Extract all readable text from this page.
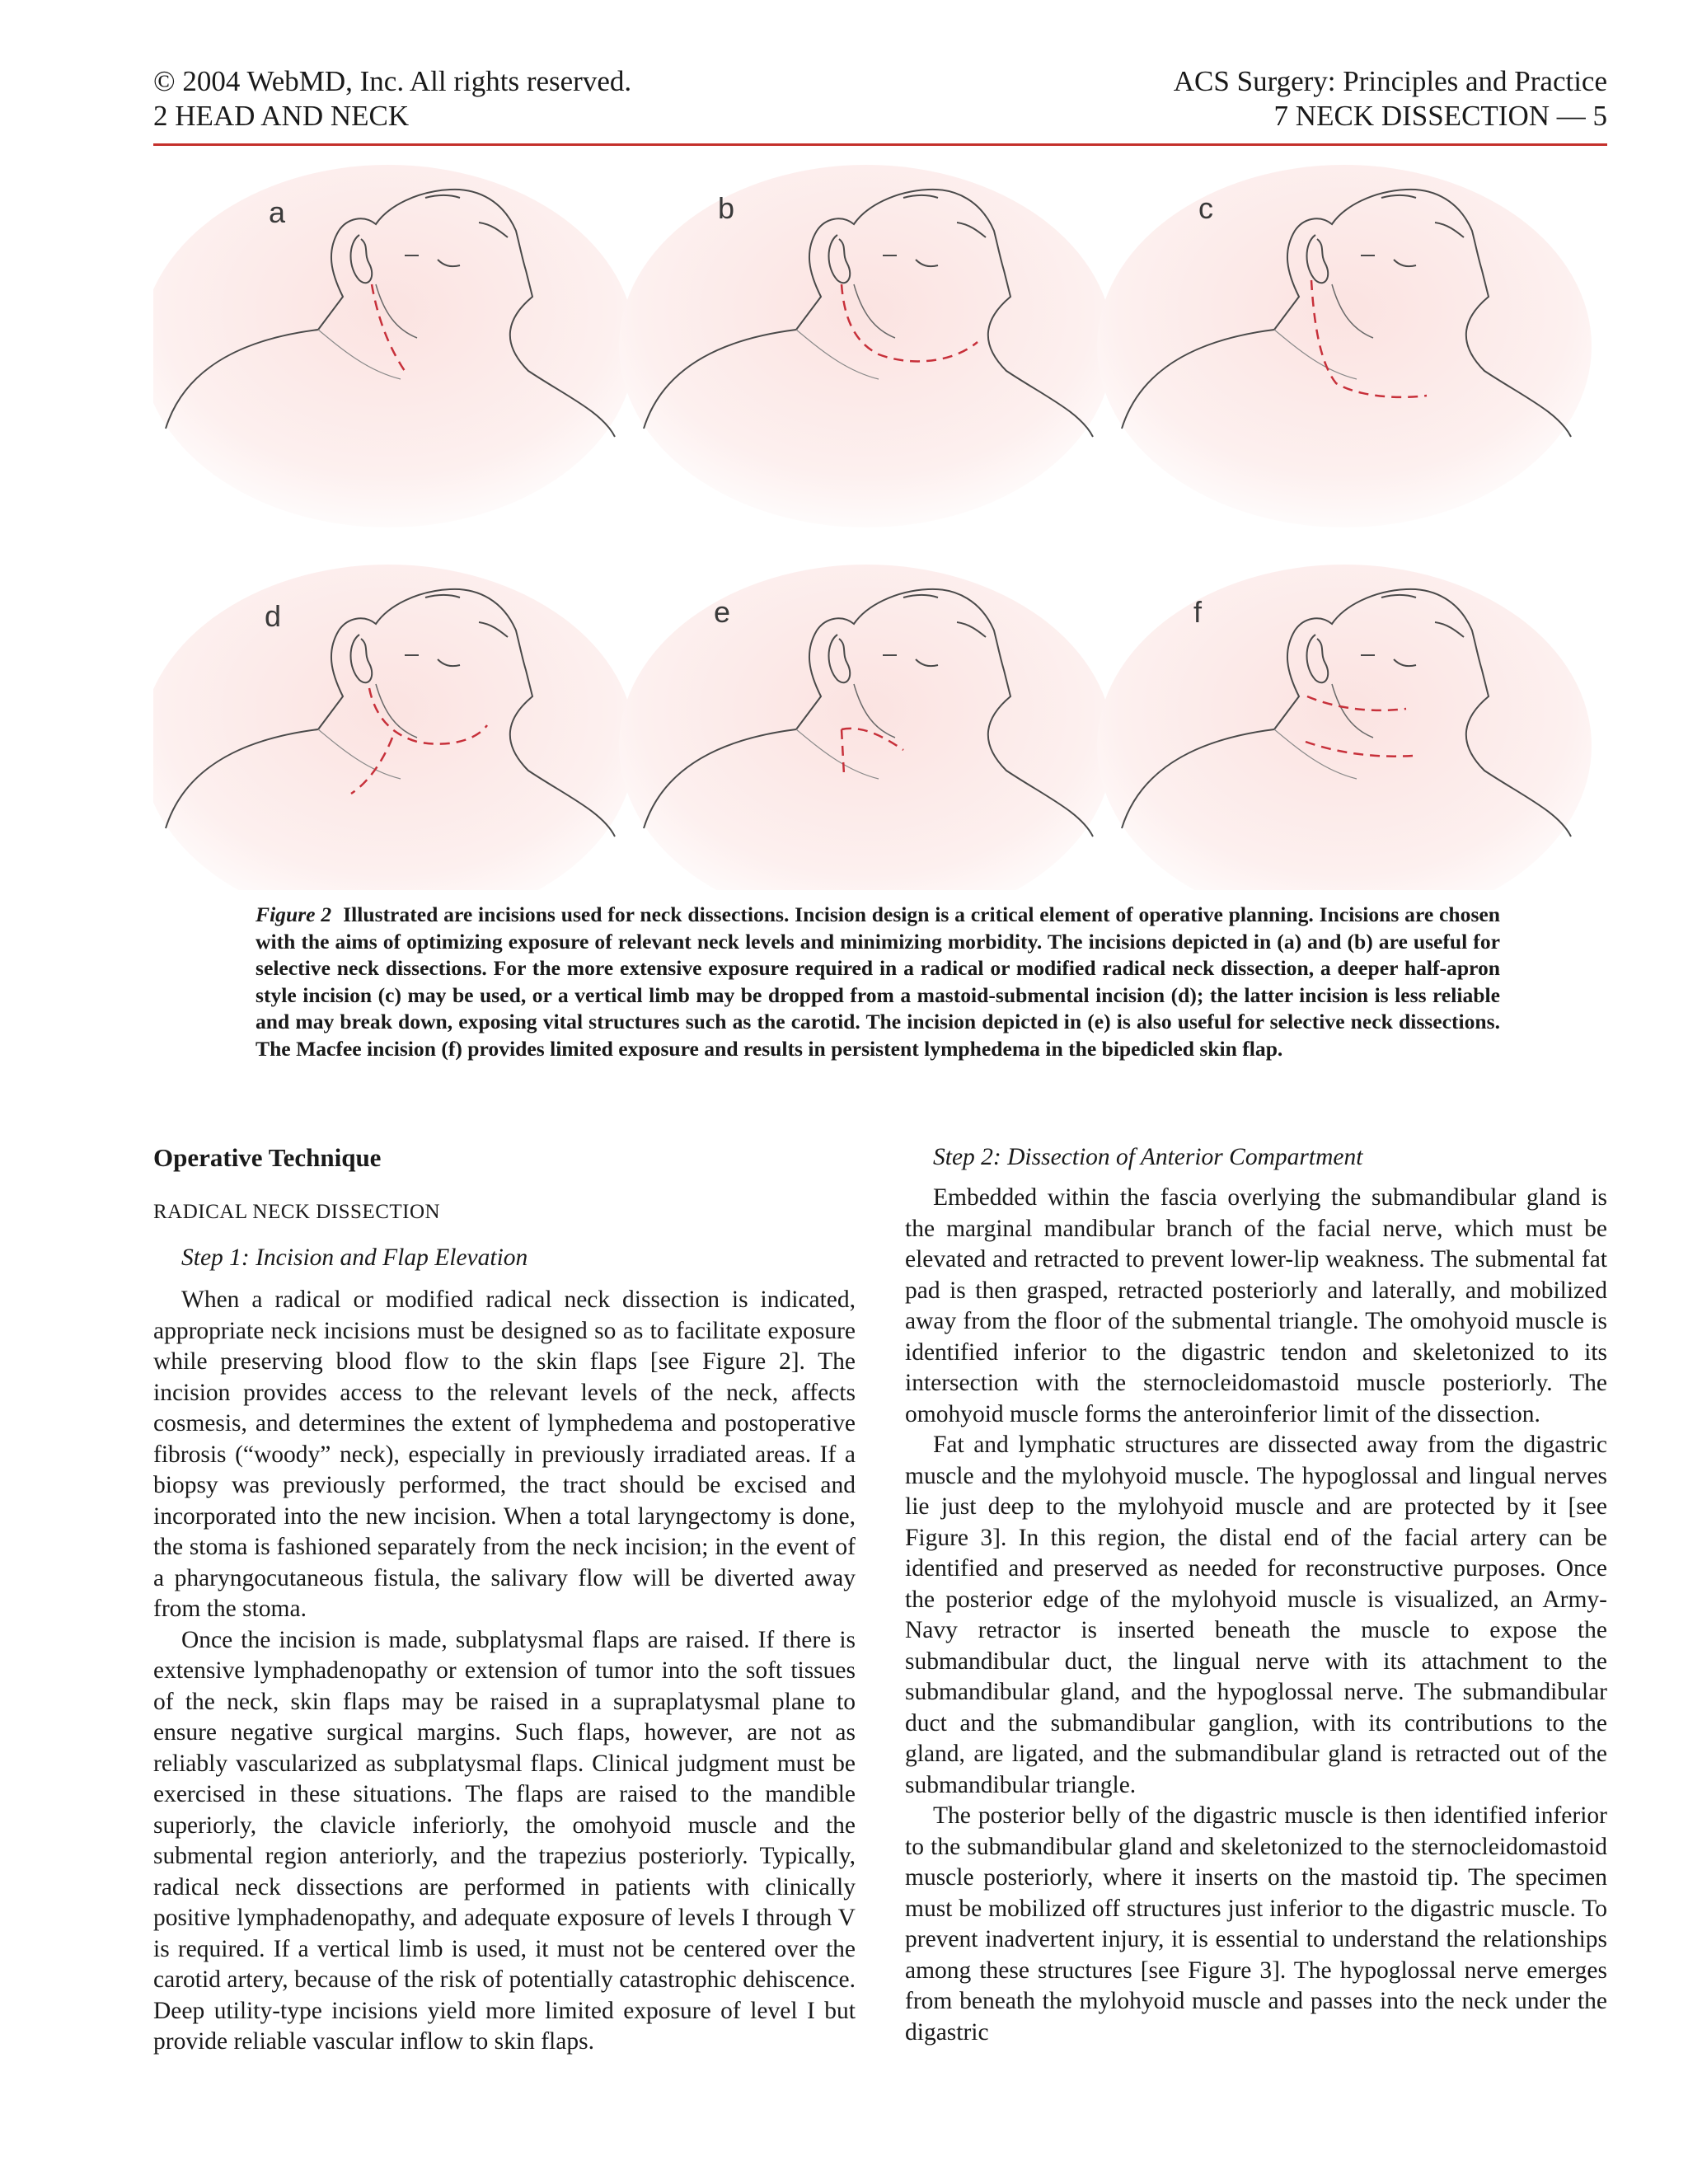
© 2004 WebMD, Inc. All rights reserved.
2 HEAD AND NECK
ACS Surgery: Principles and Practice
7 NECK DISSECTION — 5
a	b	c
d	e	f
Figure 2 Illustrated are incisions used for neck dissections. Incision design is a critical element of operative planning. Incisions are chosen with the aims of optimizing exposure of relevant neck levels and minimizing morbidity. The incisions depicted in (a) and (b) are useful for selective neck dissections. For the more extensive exposure required in a radical or modified radical neck dissection, a deeper half-apron style incision (c) may be used, or a vertical limb may be dropped from a mastoid-submental incision (d); the latter incision is less reliable and may break down, exposing vital structures such as the carotid. The incision depicted in (e) is also useful for selective neck dissections. The Macfee incision (f) provides limited exposure and results in persistent lymphedema in the bipedicled skin flap.
Operative Technique
RADICAL NECK DISSECTION
Step 1: Incision and Flap Elevation

When a radical or modified radical neck dissection is indicated, appropriate neck incisions must be designed so as to facilitate exposure while preserving blood flow to the skin flaps [see Figure 2]. The incision provides access to the relevant levels of the neck, affects cosmesis, and determines the extent of lymphedema and postoperative fibrosis (“woody” neck), especially in previously irradiated areas. If a biopsy was previously performed, the tract should be excised and incorporated into the new incision. When a total laryngectomy is done, the stoma is fashioned separately from the neck incision; in the event of a pharyngocutaneous fistula, the salivary flow will be diverted away from the stoma.

Once the incision is made, subplatysmal flaps are raised. If there is extensive lymphadenopathy or extension of tumor into the soft tissues of the neck, skin flaps may be raised in a supraplatysmal plane to ensure negative surgical margins. Such flaps, however, are not as reliably vascularized as subplatysmal flaps. Clinical judgment must be exercised in these situations. The flaps are raised to the mandible superiorly, the clavicle inferiorly, the omohyoid muscle and the submental region anteriorly, and the trapezius posteriorly. Typically, radical neck dissections are performed in patients with clinically positive lymphadenopathy, and adequate exposure of levels I through V is required. If a vertical limb is used, it must not be centered over the carotid artery, because of the risk of potentially catastrophic dehiscence. Deep utility-type incisions yield more limited exposure of level I but provide reliable vascular inflow to skin flaps.

Step 2: Dissection of Anterior Compartment

Embedded within the fascia overlying the submandibular gland is the marginal mandibular branch of the facial nerve, which must be elevated and retracted to prevent lower-lip weakness. The submental fat pad is then grasped, retracted posteriorly and laterally, and mobilized away from the floor of the submental triangle. The omohyoid muscle is identified inferior to the digastric tendon and skeletonized to its intersection with the sternocleidomastoid muscle posteriorly. The omohyoid muscle forms the anteroinferior limit of the dissection.

Fat and lymphatic structures are dissected away from the digastric muscle and the mylohyoid muscle. The hypoglossal and lingual nerves lie just deep to the mylohyoid muscle and are protected by it [see Figure 3]. In this region, the distal end of the facial artery can be identified and preserved as needed for reconstructive purposes. Once the posterior edge of the mylohyoid muscle is visualized, an Army-Navy retractor is inserted beneath the muscle to expose the submandibular duct, the lingual nerve with its attachment to the submandibular gland, and the hypoglossal nerve. The submandibular duct and the submandibular ganglion, with its contributions to the gland, are ligated, and the submandibular gland is retracted out of the submandibular triangle.

The posterior belly of the digastric muscle is then identified inferior to the submandibular gland and skeletonized to the sternocleidomastoid muscle posteriorly, where it inserts on the mastoid tip. The specimen must be mobilized off structures just inferior to the digastric muscle. To prevent inadvertent injury, it is essential to understand the relationships among these structures [see Figure 3]. The hypoglossal nerve emerges from beneath the mylohyoid muscle and passes into the neck under the digastric
